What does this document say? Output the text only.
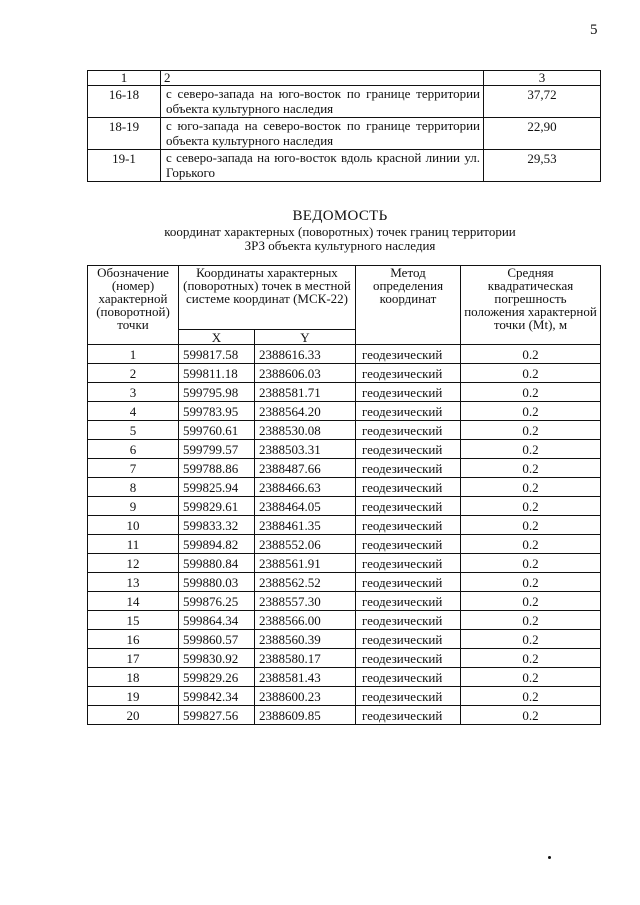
5
1	2	3
16-18	с северо-запада на юго-восток по границе территории объекта культурного наследия	37,72
18-19	с юго-запада на северо-восток по границе территории объекта культурного наследия	22,90
19-1	с северо-запада на юго-восток вдоль красной линии ул. Горького	29,53
ВЕДОМОСТЬ
координат характерных (поворотных) точек границ территории
ЗРЗ объекта культурного наследия
Обозначение (номер) характерной (поворотной) точки	Координаты характерных (поворотных) точек в местной системе координат (МСК-22)		Метод определения координат	Средняя квадратическая погрешность положения характерной точки (Mt), м
	X	Y		
1	599817.58	2388616.33	геодезический	0.2
2	599811.18	2388606.03	геодезический	0.2
3	599795.98	2388581.71	геодезический	0.2
4	599783.95	2388564.20	геодезический	0.2
5	599760.61	2388530.08	геодезический	0.2
6	599799.57	2388503.31	геодезический	0.2
7	599788.86	2388487.66	геодезический	0.2
8	599825.94	2388466.63	геодезический	0.2
9	599829.61	2388464.05	геодезический	0.2
10	599833.32	2388461.35	геодезический	0.2
11	599894.82	2388552.06	геодезический	0.2
12	599880.84	2388561.91	геодезический	0.2
13	599880.03	2388562.52	геодезический	0.2
14	599876.25	2388557.30	геодезический	0.2
15	599864.34	2388566.00	геодезический	0.2
16	599860.57	2388560.39	геодезический	0.2
17	599830.92	2388580.17	геодезический	0.2
18	599829.26	2388581.43	геодезический	0.2
19	599842.34	2388600.23	геодезический	0.2
20	599827.56	2388609.85	геодезический	0.2
